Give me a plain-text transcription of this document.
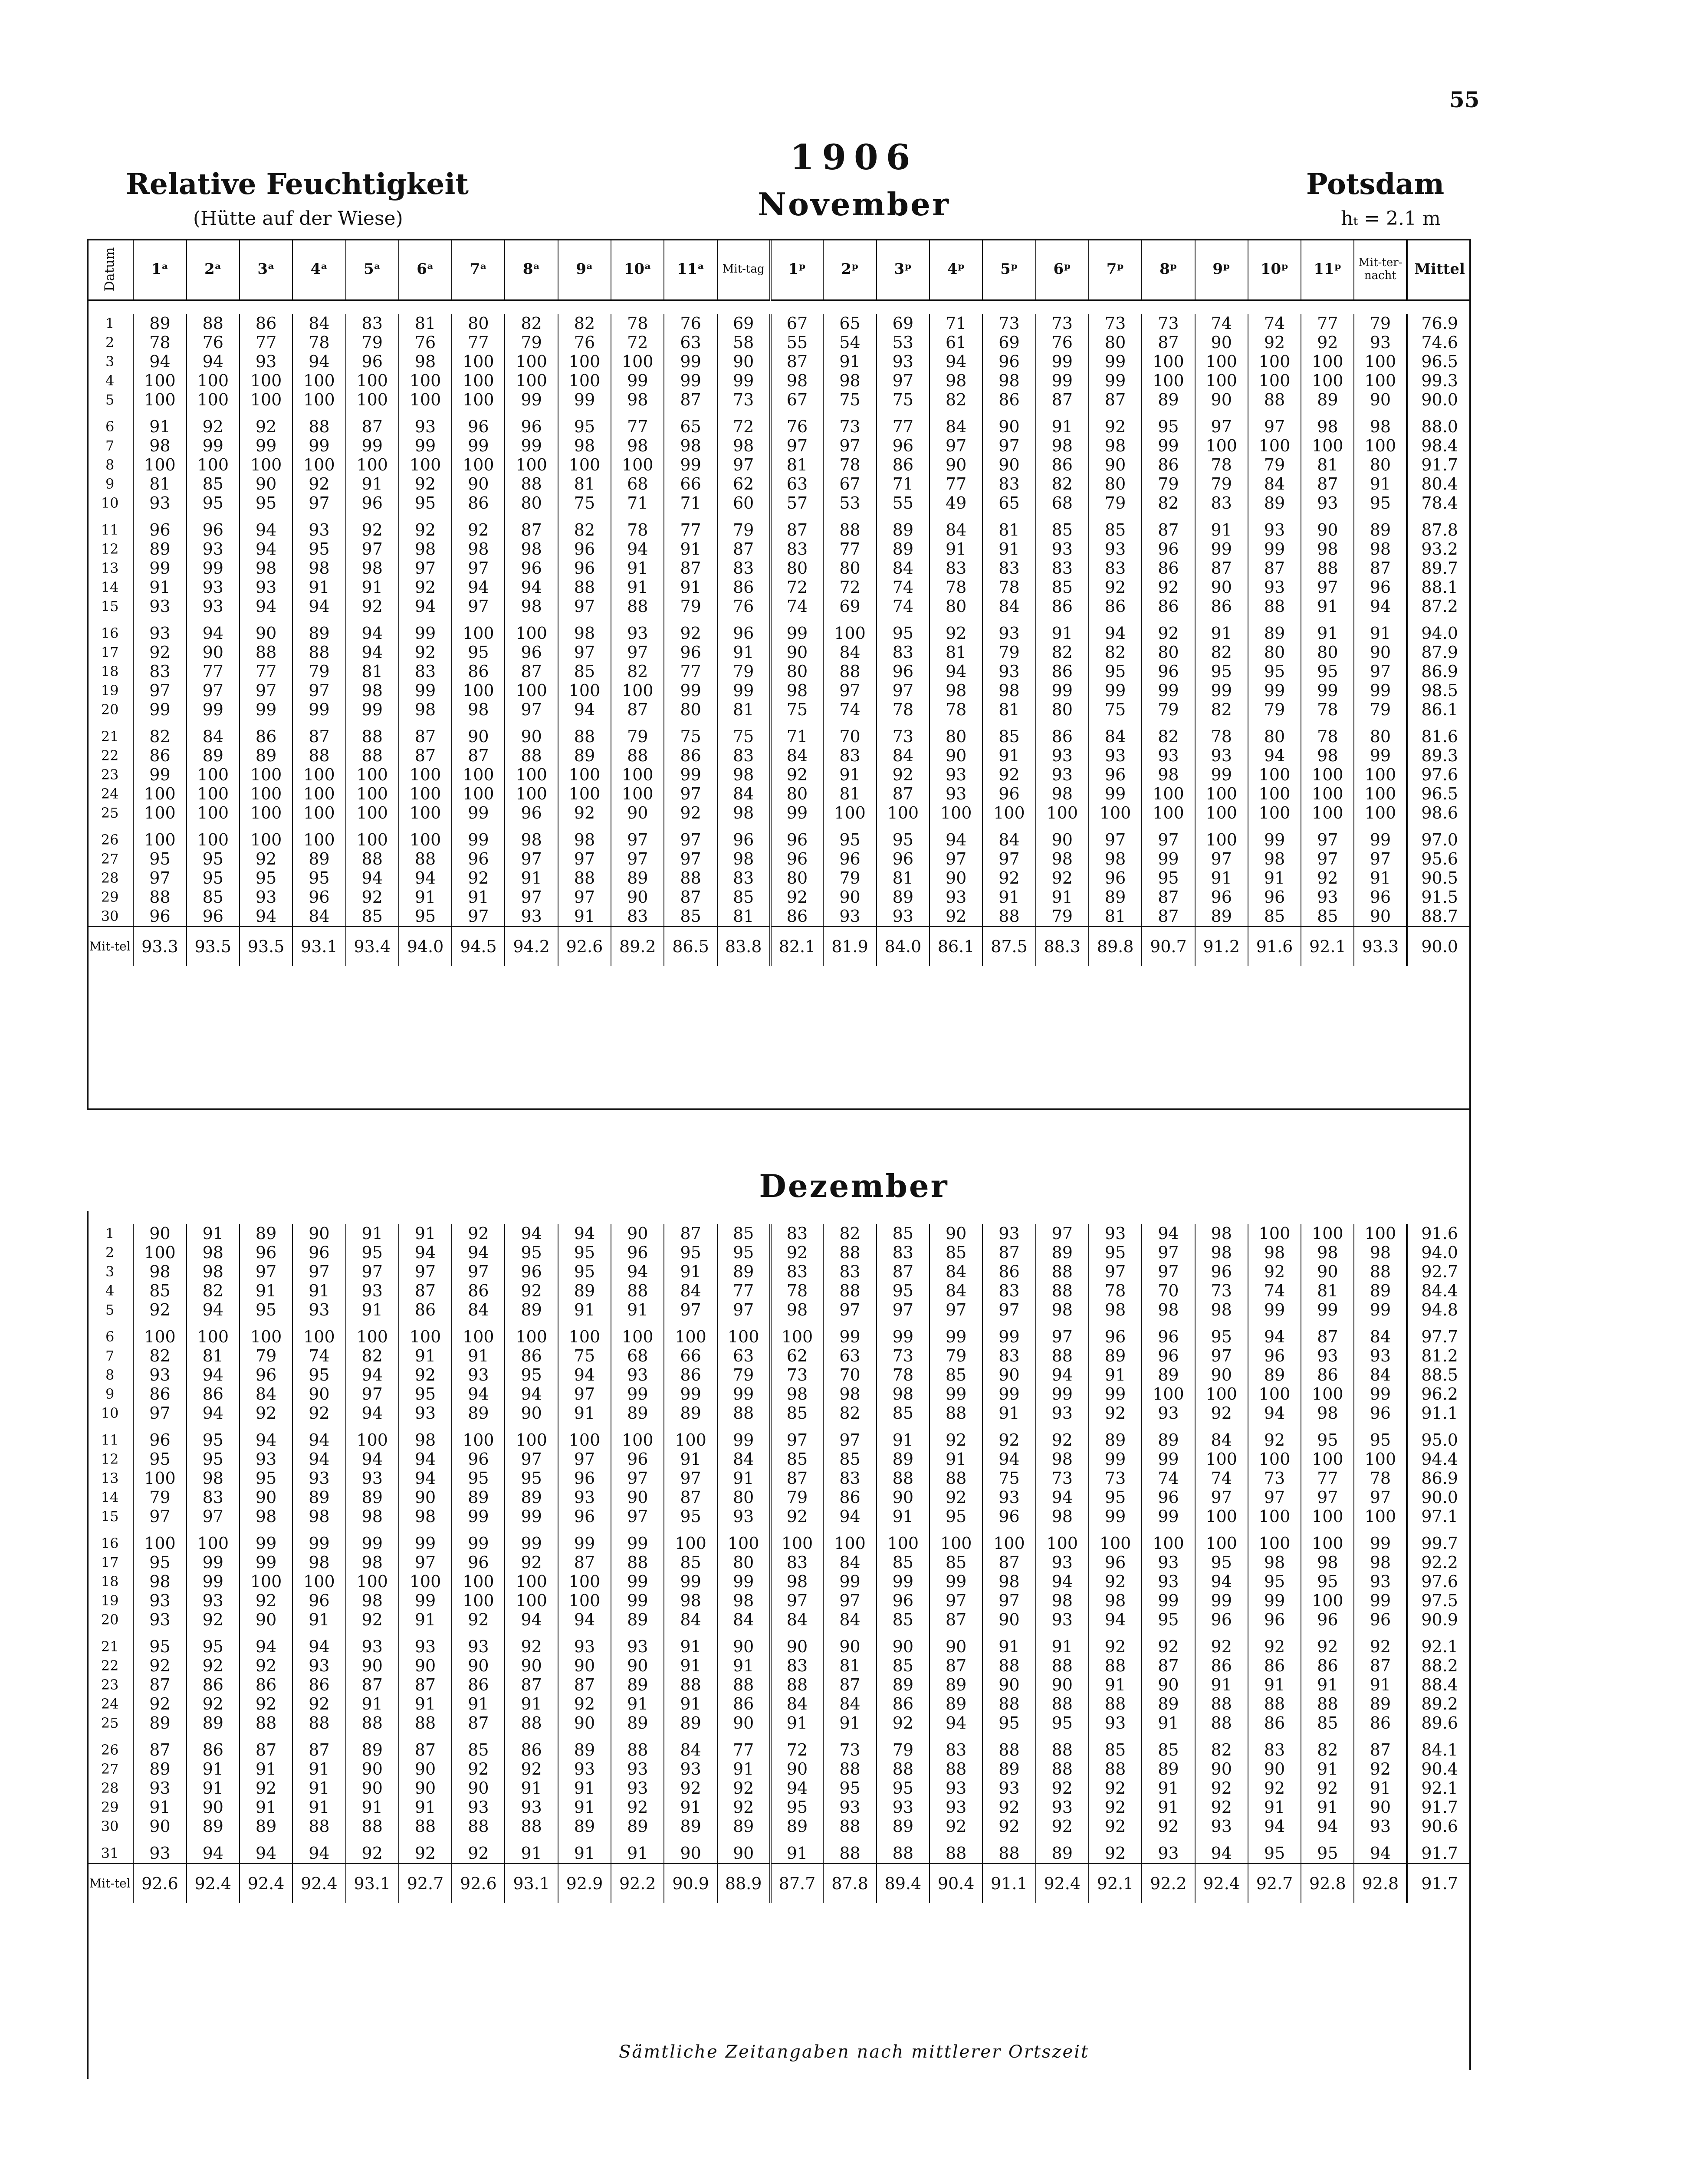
55
Relative Feuchtigkeit
(Hütte auf der Wiese)
1906
November
Potsdam
hₜ = 2.1 m
Datum	1ᵃ	2ᵃ	3ᵃ	4ᵃ	5ᵃ	6ᵃ	7ᵃ	8ᵃ	9ᵃ	10ᵃ	11ᵃ	Mit-tag	1ᵖ	2ᵖ	3ᵖ	4ᵖ	5ᵖ	6ᵖ	7ᵖ	8ᵖ	9ᵖ	10ᵖ	11ᵖ	Mit-ter-nacht	Mittel

1	89	88	86	84	83	81	80	82	82	78	76	69	67	65	69	71	73	73	73	73	74	74	77	79	76.9
2	78	76	77	78	79	76	77	79	76	72	63	58	55	54	53	61	69	76	80	87	90	92	92	93	74.6
3	94	94	93	94	96	98	100	100	100	100	99	90	87	91	93	94	96	99	99	100	100	100	100	100	96.5
4	100	100	100	100	100	100	100	100	100	99	99	99	98	98	97	98	98	99	99	100	100	100	100	100	99.3
5	100	100	100	100	100	100	100	99	99	98	87	73	67	75	75	82	86	87	87	89	90	88	89	90	90.0
6	91	92	92	88	87	93	96	96	95	77	65	72	76	73	77	84	90	91	92	95	97	97	98	98	88.0
7	98	99	99	99	99	99	99	99	98	98	98	98	97	97	96	97	97	98	98	99	100	100	100	100	98.4
8	100	100	100	100	100	100	100	100	100	100	99	97	81	78	86	90	90	86	90	86	78	79	81	80	91.7
9	81	85	90	92	91	92	90	88	81	68	66	62	63	67	71	77	83	82	80	79	79	84	87	91	80.4
10	93	95	95	97	96	95	86	80	75	71	71	60	57	53	55	49	65	68	79	82	83	89	93	95	78.4
11	96	96	94	93	92	92	92	87	82	78	77	79	87	88	89	84	81	85	85	87	91	93	90	89	87.8
12	89	93	94	95	97	98	98	98	96	94	91	87	83	77	89	91	91	93	93	96	99	99	98	98	93.2
13	99	99	98	98	98	97	97	96	96	91	87	83	80	80	84	83	83	83	83	86	87	87	88	87	89.7
14	91	93	93	91	91	92	94	94	88	91	91	86	72	72	74	78	78	85	92	92	90	93	97	96	88.1
15	93	93	94	94	92	94	97	98	97	88	79	76	74	69	74	80	84	86	86	86	86	88	91	94	87.2
16	93	94	90	89	94	99	100	100	98	93	92	96	99	100	95	92	93	91	94	92	91	89	91	91	94.0
17	92	90	88	88	94	92	95	96	97	97	96	91	90	84	83	81	79	82	82	80	82	80	80	90	87.9
18	83	77	77	79	81	83	86	87	85	82	77	79	80	88	96	94	93	86	95	96	95	95	95	97	86.9
19	97	97	97	97	98	99	100	100	100	100	99	99	98	97	97	98	98	99	99	99	99	99	99	99	98.5
20	99	99	99	99	99	98	98	97	94	87	80	81	75	74	78	78	81	80	75	79	82	79	78	79	86.1
21	82	84	86	87	88	87	90	90	88	79	75	75	71	70	73	80	85	86	84	82	78	80	78	80	81.6
22	86	89	89	88	88	87	87	88	89	88	86	83	84	83	84	90	91	93	93	93	93	94	98	99	89.3
23	99	100	100	100	100	100	100	100	100	100	99	98	92	91	92	93	92	93	96	98	99	100	100	100	97.6
24	100	100	100	100	100	100	100	100	100	100	97	84	80	81	87	93	96	98	99	100	100	100	100	100	96.5
25	100	100	100	100	100	100	99	96	92	90	92	98	99	100	100	100	100	100	100	100	100	100	100	100	98.6
26	100	100	100	100	100	100	99	98	98	97	97	96	96	95	95	94	84	90	97	97	100	99	97	99	97.0
27	95	95	92	89	88	88	96	97	97	97	97	98	96	96	96	97	97	98	98	99	97	98	97	97	95.6
28	97	95	95	95	94	94	92	91	88	89	88	83	80	79	81	90	92	92	96	95	91	91	92	91	90.5
29	88	85	93	96	92	91	91	97	97	90	87	85	92	90	89	93	91	91	89	87	96	96	93	96	91.5
30	96	96	94	84	85	95	97	93	91	83	85	81	86	93	93	92	88	79	81	87	89	85	85	90	88.7
Mit-tel	93.3	93.5	93.5	93.1	93.4	94.0	94.5	94.2	92.6	89.2	86.5	83.8	82.1	81.9	84.0	86.1	87.5	88.3	89.8	90.7	91.2	91.6	92.1	93.3	90.0
Dezember

1	90	91	89	90	91	91	92	94	94	90	87	85	83	82	85	90	93	97	93	94	98	100	100	100	91.6
2	100	98	96	96	95	94	94	95	95	96	95	95	92	88	83	85	87	89	95	97	98	98	98	98	94.0
3	98	98	97	97	97	97	97	96	95	94	91	89	83	83	87	84	86	88	97	97	96	92	90	88	92.7
4	85	82	91	91	93	87	86	92	89	88	84	77	78	88	95	84	83	88	78	70	73	74	81	89	84.4
5	92	94	95	93	91	86	84	89	91	91	97	97	98	97	97	97	97	98	98	98	98	99	99	99	94.8
6	100	100	100	100	100	100	100	100	100	100	100	100	100	99	99	99	99	97	96	96	95	94	87	84	97.7
7	82	81	79	74	82	91	91	86	75	68	66	63	62	63	73	79	83	88	89	96	97	96	93	93	81.2
8	93	94	96	95	94	92	93	95	94	93	86	79	73	70	78	85	90	94	91	89	90	89	86	84	88.5
9	86	86	84	90	97	95	94	94	97	99	99	99	98	98	98	99	99	99	99	100	100	100	100	99	96.2
10	97	94	92	92	94	93	89	90	91	89	89	88	85	82	85	88	91	93	92	93	92	94	98	96	91.1
11	96	95	94	94	100	98	100	100	100	100	100	99	97	97	91	92	92	92	89	89	84	92	95	95	95.0
12	95	95	93	94	94	94	96	97	97	96	91	84	85	85	89	91	94	98	99	99	100	100	100	100	94.4
13	100	98	95	93	93	94	95	95	96	97	97	91	87	83	88	88	75	73	73	74	74	73	77	78	86.9
14	79	83	90	89	89	90	89	89	93	90	87	80	79	86	90	92	93	94	95	96	97	97	97	97	90.0
15	97	97	98	98	98	98	99	99	96	97	95	93	92	94	91	95	96	98	99	99	100	100	100	100	97.1
16	100	100	99	99	99	99	99	99	99	99	100	100	100	100	100	100	100	100	100	100	100	100	100	99	99.7
17	95	99	99	98	98	97	96	92	87	88	85	80	83	84	85	85	87	93	96	93	95	98	98	98	92.2
18	98	99	100	100	100	100	100	100	100	99	99	99	98	99	99	99	98	94	92	93	94	95	95	93	97.6
19	93	93	92	96	98	99	100	100	100	99	98	98	97	97	96	97	97	98	98	99	99	99	100	99	97.5
20	93	92	90	91	92	91	92	94	94	89	84	84	84	84	85	87	90	93	94	95	96	96	96	96	90.9
21	95	95	94	94	93	93	93	92	93	93	91	90	90	90	90	90	91	91	92	92	92	92	92	92	92.1
22	92	92	92	93	90	90	90	90	90	90	91	91	83	81	85	87	88	88	88	87	86	86	86	87	88.2
23	87	86	86	86	87	87	86	87	87	89	88	88	88	87	89	89	90	90	91	90	91	91	91	91	88.4
24	92	92	92	92	91	91	91	91	92	91	91	86	84	84	86	89	88	88	88	89	88	88	88	89	89.2
25	89	89	88	88	88	88	87	88	90	89	89	90	91	91	92	94	95	95	93	91	88	86	85	86	89.6
26	87	86	87	87	89	87	85	86	89	88	84	77	72	73	79	83	88	88	85	85	82	83	82	87	84.1
27	89	91	91	91	90	90	92	92	93	93	93	91	90	88	88	88	89	88	88	89	90	90	91	92	90.4
28	93	91	92	91	90	90	90	91	91	93	92	92	94	95	95	93	93	92	92	91	92	92	92	91	92.1
29	91	90	91	91	91	91	93	93	91	92	91	92	95	93	93	93	92	93	92	91	92	91	91	90	91.7
30	90	89	89	88	88	88	88	88	89	89	89	89	89	88	89	92	92	92	92	92	93	94	94	93	90.6
31	93	94	94	94	92	92	92	91	91	91	90	90	91	88	88	88	88	89	92	93	94	95	95	94	91.7
Mit-tel	92.6	92.4	92.4	92.4	93.1	92.7	92.6	93.1	92.9	92.2	90.9	88.9	87.7	87.8	89.4	90.4	91.1	92.4	92.1	92.2	92.4	92.7	92.8	92.8	91.7
Sämtliche Zeitangaben nach mittlerer Ortszeit
